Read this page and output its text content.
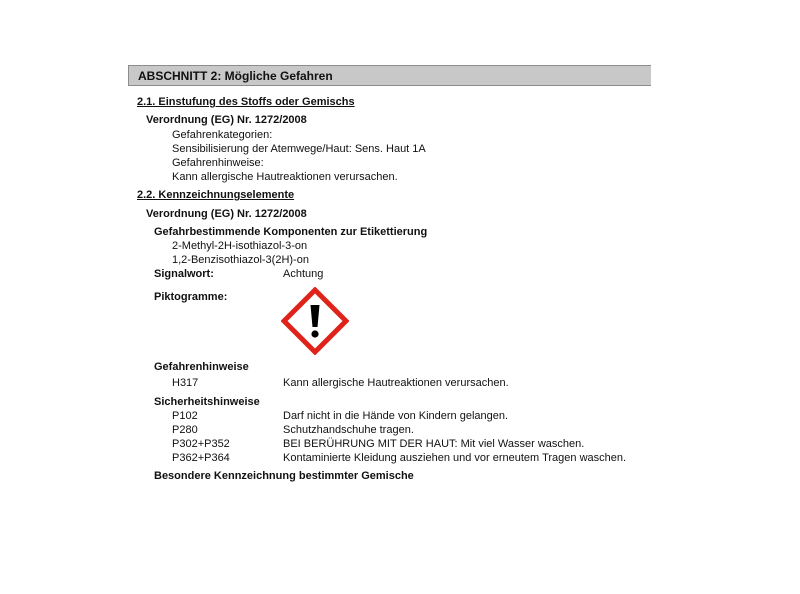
ABSCHNITT 2: Mögliche Gefahren
2.1. Einstufung des Stoffs oder Gemischs
Verordnung (EG) Nr. 1272/2008
Gefahrenkategorien:
Sensibilisierung der Atemwege/Haut: Sens. Haut 1A
Gefahrenhinweise:
Kann allergische Hautreaktionen verursachen.
2.2. Kennzeichnungselemente
Verordnung (EG) Nr. 1272/2008
Gefahrbestimmende Komponenten zur Etikettierung
2-Methyl-2H-isothiazol-3-on
1,2-Benzisothiazol-3(2H)-on
Signalwort:	Achtung
Piktogramme:
Gefahrenhinweise
H317	Kann allergische Hautreaktionen verursachen.
Sicherheitshinweise
P102	Darf nicht in die Hände von Kindern gelangen.
P280	Schutzhandschuhe tragen.
P302+P352	BEI BERÜHRUNG MIT DER HAUT: Mit viel Wasser waschen.
P362+P364	Kontaminierte Kleidung ausziehen und vor erneutem Tragen waschen.
Besondere Kennzeichnung bestimmter Gemische
